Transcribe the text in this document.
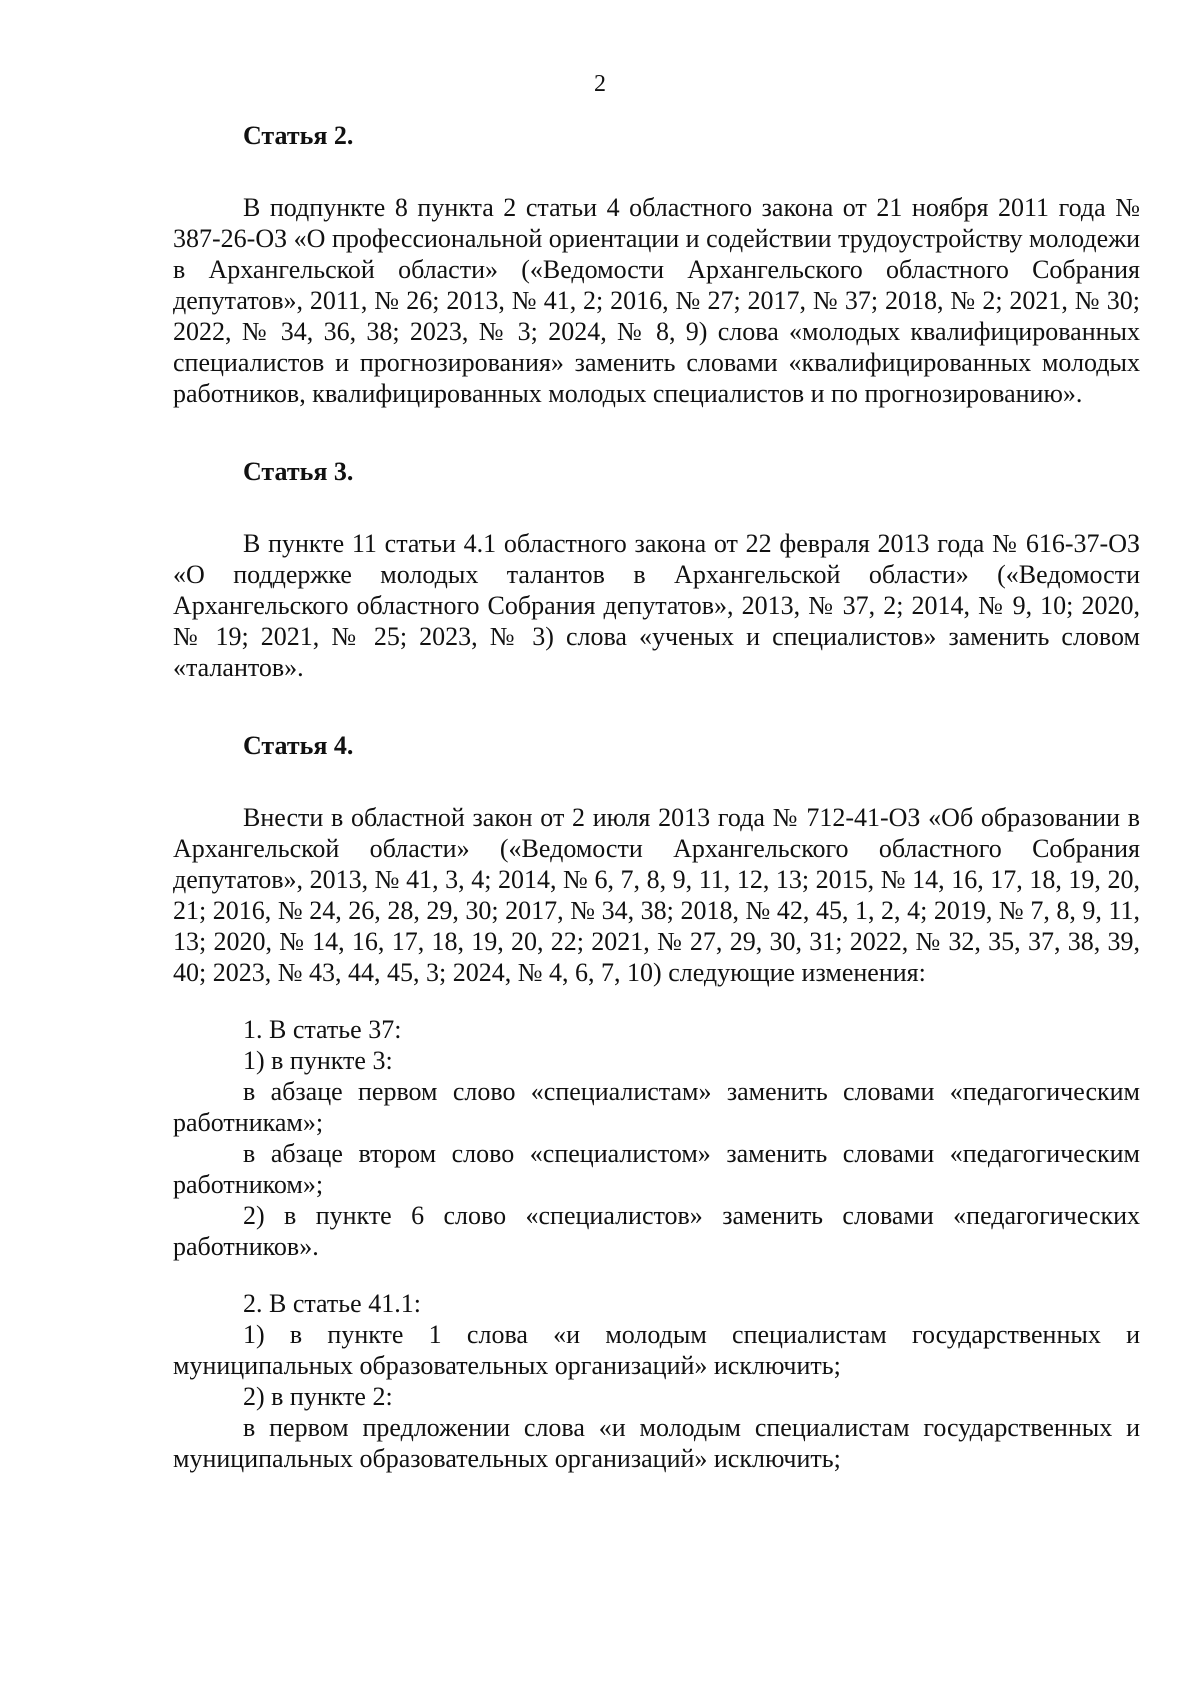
2
Статья 2.

В подпункте 8 пункта 2 статьи 4 областного закона от 21 ноября 2011 года № 387-26-ОЗ «О профессиональной ориентации и содействии трудоустройству молодежи в Архангельской области» («Ведомости Архангельского областного Собрания депутатов», 2011, № 26; 2013, № 41, 2; 2016, № 27; 2017, № 37; 2018, № 2; 2021, № 30; 2022, № 34, 36, 38; 2023, № 3; 2024, № 8, 9) слова «молодых квалифицированных специалистов и прогнозирования» заменить словами «квалифицированных молодых работников, квалифицированных молодых специалистов и по прогнозированию».

Статья 3.

В пункте 11 статьи 4.1 областного закона от 22 февраля 2013 года № 616-37-ОЗ «О поддержке молодых талантов в Архангельской области» («Ведомости Архангельского областного Собрания депутатов», 2013, № 37, 2; 2014, № 9, 10; 2020, № 19; 2021, № 25; 2023, № 3) слова «ученых и специалистов» заменить словом «талантов».

Статья 4.

Внести в областной закон от 2 июля 2013 года № 712-41-ОЗ «Об образовании в Архангельской области» («Ведомости Архангельского областного Собрания депутатов», 2013, № 41, 3, 4; 2014, № 6, 7, 8, 9, 11, 12, 13; 2015, № 14, 16, 17, 18, 19, 20, 21; 2016, № 24, 26, 28, 29, 30; 2017, № 34, 38; 2018, № 42, 45, 1, 2, 4; 2019, № 7, 8, 9, 11, 13; 2020, № 14, 16, 17, 18, 19, 20, 22; 2021, № 27, 29, 30, 31; 2022, № 32, 35, 37, 38, 39, 40; 2023, № 43, 44, 45, 3; 2024, № 4, 6, 7, 10) следующие изменения:

1. В статье 37:

1) в пункте 3:

в абзаце первом слово «специалистам» заменить словами «педагогическим работникам»;

в абзаце втором слово «специалистом» заменить словами «педагогическим работником»;

2) в пункте 6 слово «специалистов» заменить словами «педагогических работников».

2. В статье 41.1:

1) в пункте 1 слова «и молодым специалистам государственных и муниципальных образовательных организаций» исключить;

2) в пункте 2:

в первом предложении слова «и молодым специалистам государственных и муниципальных образовательных организаций» исключить;
